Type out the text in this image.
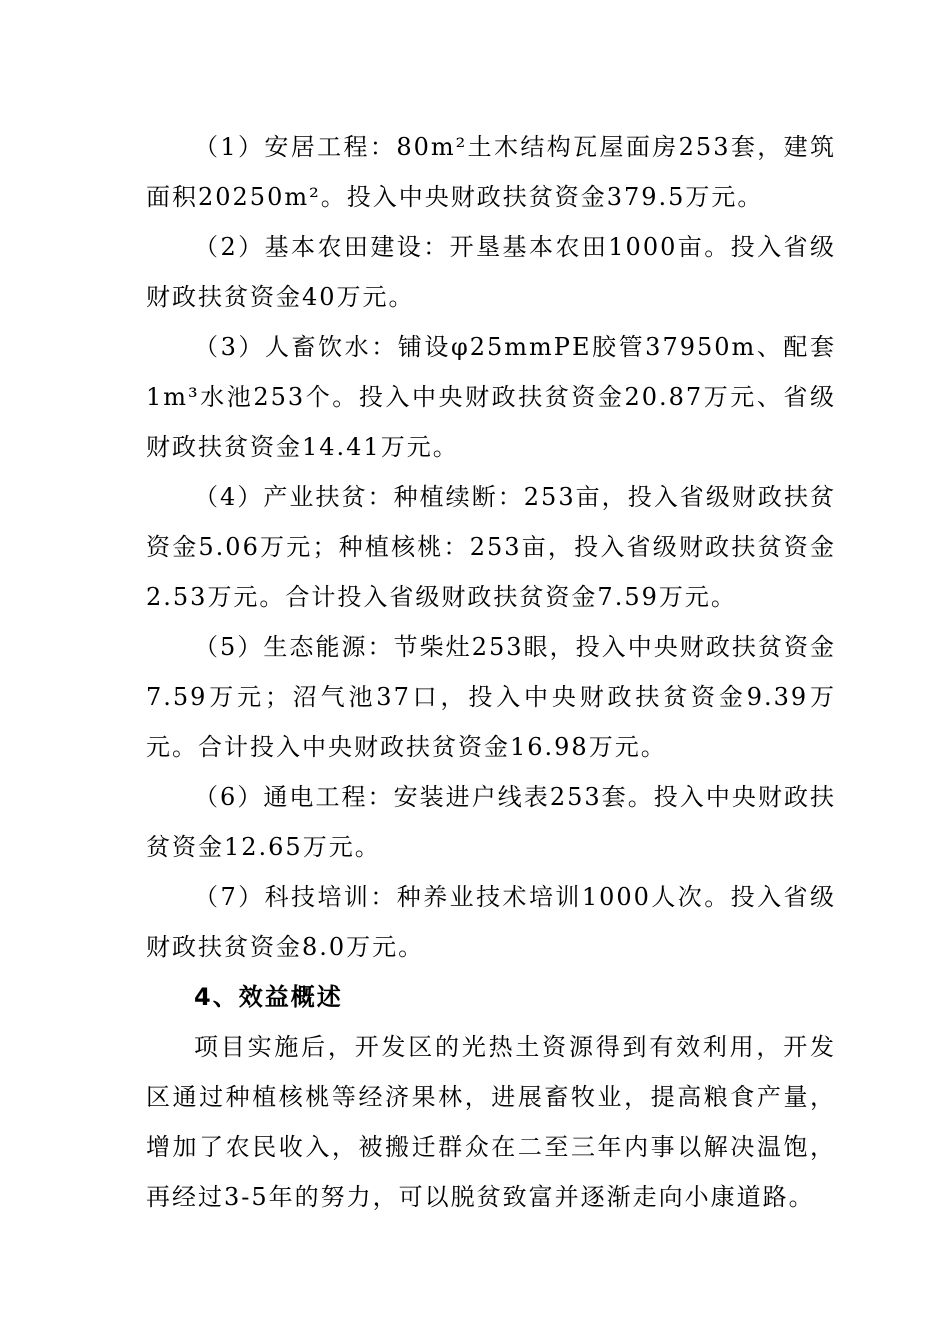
（1）安居工程：80m²土木结构瓦屋面房253套，建筑面积20250m²。投入中央财政扶贫资金379.5万元。

（2）基本农田建设：开垦基本农田1000亩。投入省级财政扶贫资金40万元。

（3）人畜饮水：铺设φ25mmPE胶管37950m、配套1m³水池253个。投入中央财政扶贫资金20.87万元、省级财政扶贫资金14.41万元。

（4）产业扶贫：种植续断：253亩，投入省级财政扶贫资金5.06万元；种植核桃：253亩，投入省级财政扶贫资金2.53万元。合计投入省级财政扶贫资金7.59万元。

（5）生态能源：节柴灶253眼，投入中央财政扶贫资金7.59万元；沼气池37口，投入中央财政扶贫资金9.39万元。合计投入中央财政扶贫资金16.98万元。

（6）通电工程：安装进户线表253套。投入中央财政扶贫资金12.65万元。

（7）科技培训：种养业技术培训1000人次。投入省级财政扶贫资金8.0万元。

4、效益概述

项目实施后，开发区的光热土资源得到有效利用，开发区通过种植核桃等经济果林，进展畜牧业，提高粮食产量，增加了农民收入，被搬迁群众在二至三年内事以解决温饱，再经过3-5年的努力，可以脱贫致富并逐渐走向小康道路。
